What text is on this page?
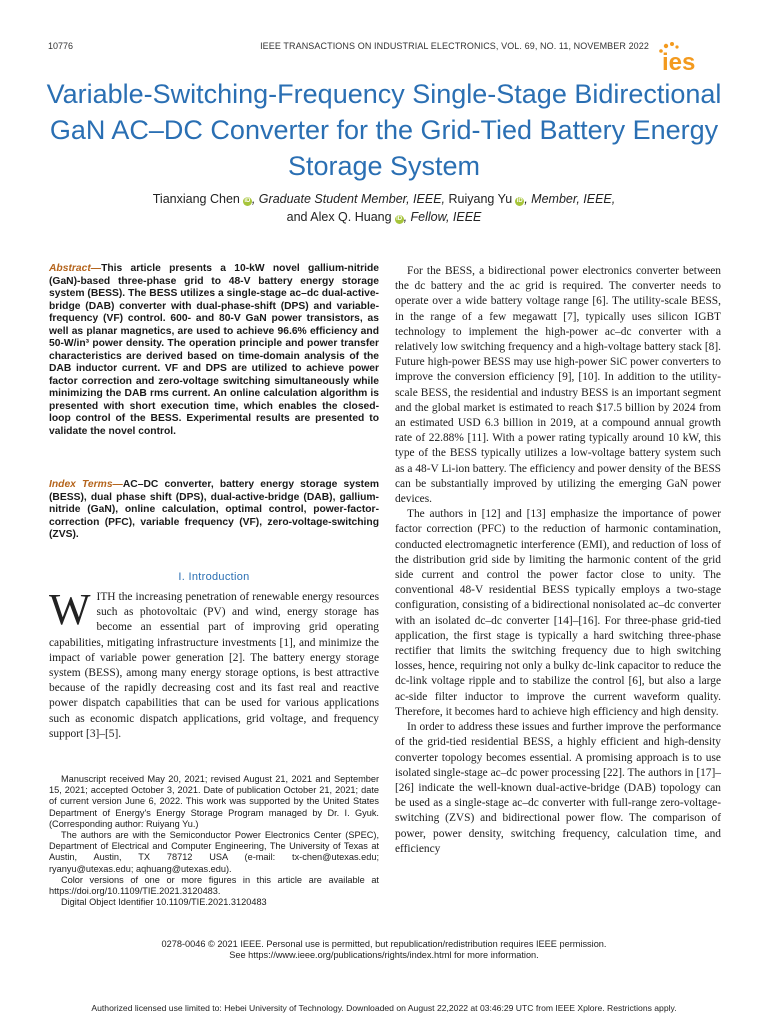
10776	IEEE TRANSACTIONS ON INDUSTRIAL ELECTRONICS, VOL. 69, NO. 11, NOVEMBER 2022
ies
Variable-Switching-Frequency Single-Stage Bidirectional GaN AC–DC Converter for the Grid-Tied Battery Energy Storage System
Tianxiang Chen iD , Graduate Student Member, IEEE, Ruiyang Yu iD , Member, IEEE,
and Alex Q. Huang iD , Fellow, IEEE
Abstract—This article presents a 10-kW novel gallium-nitride (GaN)-based three-phase grid to 48-V battery energy storage system (BESS). The BESS utilizes a single-stage ac–dc dual-active-bridge (DAB) converter with dual-phase-shift (DPS) and variable-frequency (VF) control. 600- and 80-V GaN power transistors, as well as planar magnetics, are used to achieve 96.6% efficiency and 50-W/in³ power density. The operation principle and power transfer characteristics are derived based on time-domain analysis of the DAB inductor current. VF and DPS are utilized to achieve power factor correction and zero-voltage switching simultaneously while minimizing the DAB rms current. An online calculation algorithm is presented with short execution time, which enables the closed-loop control of the BESS. Experimental results are presented to validate the novel control.
Index Terms—AC–DC converter, battery energy storage system (BESS), dual phase shift (DPS), dual-active-bridge (DAB), gallium-nitride (GaN), online calculation, optimal control, power-factor-correction (PFC), variable frequency (VF), zero-voltage-switching (ZVS).
I. Introduction
WITH the increasing penetration of renewable energy resources such as photovoltaic (PV) and wind, energy storage has become an essential part of improving grid operating capabilities, mitigating infrastructure investments [1], and minimize the impact of variable power generation [2]. The battery energy storage system (BESS), among many energy storage options, is best attractive because of the rapidly decreasing cost and its fast real and reactive power dispatch capabilities that can be used for various applications such as economic dispatch applications, grid voltage, and frequency support [3]–[5].

Manuscript received May 20, 2021; revised August 21, 2021 and September 15, 2021; accepted October 3, 2021. Date of publication October 21, 2021; date of current version June 6, 2022. This work was supported by the United States Department of Energy's Energy Storage Program managed by Dr. I. Gyuk. (Corresponding author: Ruiyang Yu.)

The authors are with the Semiconductor Power Electronics Center (SPEC), Department of Electrical and Computer Engineering, The University of Texas at Austin, Austin, TX 78712 USA (e-mail: tx-chen@utexas.edu; ryanyu@utexas.edu; aqhuang@utexas.edu).

Color versions of one or more figures in this article are available at https://doi.org/10.1109/TIE.2021.3120483.

Digital Object Identifier 10.1109/TIE.2021.3120483

For the BESS, a bidirectional power electronics converter between the dc battery and the ac grid is required. The converter needs to operate over a wide battery voltage range [6]. The utility-scale BESS, in the range of a few megawatt [7], typically uses silicon IGBT technology to implement the high-power ac–dc converter with a relatively low switching frequency and a high-voltage battery stack [8]. Future high-power BESS may use high-power SiC power converters to improve the conversion efficiency [9], [10]. In addition to the utility-scale BESS, the residential and industry BESS is an important segment and the global market is estimated to reach $17.5 billion by 2024 from an estimated USD 6.3 billion in 2019, at a compound annual growth rate of 22.88% [11]. With a power rating typically around 10 kW, this type of the BESS typically utilizes a low-voltage battery system such as a 48-V Li-ion battery. The efficiency and power density of the BESS can be substantially improved by utilizing the emerging GaN power devices.

The authors in [12] and [13] emphasize the importance of power factor correction (PFC) to the reduction of harmonic contamination, conducted electromagnetic interference (EMI), and reduction of loss of the distribution grid side by limiting the harmonic content of the grid side current and control the power factor close to unity. The conventional 48-V residential BESS typically employs a two-stage configuration, consisting of a bidirectional nonisolated ac–dc converter with an isolated dc–dc converter [14]–[16]. For three-phase grid-tied application, the first stage is typically a hard switching three-phase rectifier that limits the switching frequency due to high switching losses, hence, requiring not only a bulky dc-link capacitor to reduce the dc-link voltage ripple and to stabilize the control [6], but also a large ac-side filter inductor to improve the current waveform quality. Therefore, it becomes hard to achieve high efficiency and high density.

In order to address these issues and further improve the performance of the grid-tied residential BESS, a highly efficient and high-density converter topology becomes essential. A promising approach is to use isolated single-stage ac–dc power processing [22]. The authors in [17]–[26] indicate the well-known dual-active-bridge (DAB) topology can be used as a single-stage ac–dc converter with full-range zero-voltage-switching (ZVS) and bidirectional power flow. The comparison of power, power density, switching frequency, calculation time, and efficiency

0278-0046 © 2021 IEEE. Personal use is permitted, but republication/redistribution requires IEEE permission.
See https://www.ieee.org/publications/rights/index.html for more information.
Authorized licensed use limited to: Hebei University of Technology. Downloaded on August 22,2022 at 03:46:29 UTC from IEEE Xplore. Restrictions apply.
